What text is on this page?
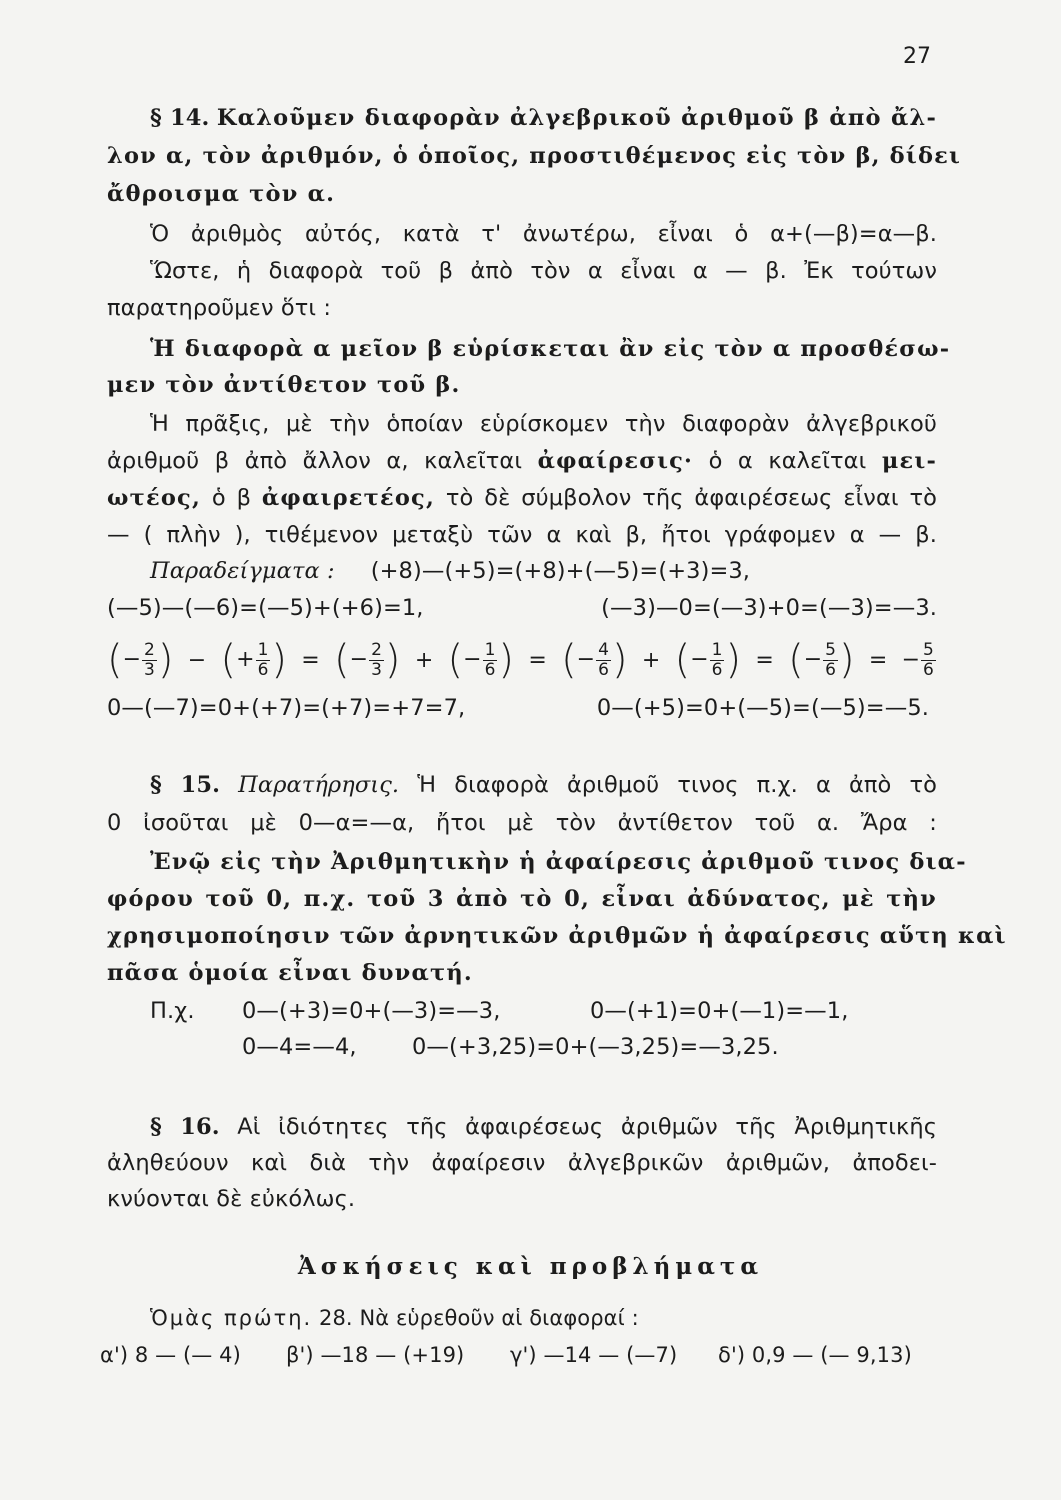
27
§ 14. Καλοῦμεν διαφορὰν ἀλγεβρικοῦ ἀριθμοῦ β ἀπὸ ἄλ-
λον α, τὸν ἀριθμόν, ὁ ὁποῖος, προστιθέμενος εἰς τὸν β, δίδει
ἄθροισμα τὸν α.
Ὁ ἀριθμὸς αὐτός, κατὰ τ' ἀνωτέρω, εἶναι ὁ α+(—β)=α—β.
Ὥστε, ἡ διαφορὰ τοῦ β ἀπὸ τὸν α εἶναι α — β. Ἐκ τούτων
παρατηροῦμεν ὅτι :
Ἡ διαφορὰ α μεῖον β εὑρίσκεται ἂν εἰς τὸν α προσθέσω-
μεν τὸν ἀντίθετον τοῦ β.
Ἡ πρᾶξις, μὲ τὴν ὁποίαν εὑρίσκομεν τὴν διαφορὰν ἀλγεβρικοῦ
ἀριθμοῦ β ἀπὸ ἄλλον α, καλεῖται ἀφαίρεσις· ὁ α καλεῖται μει-
ωτέος, ὁ β ἀφαιρετέος, τὸ δὲ σύμβολον τῆς ἀφαιρέσεως εἶναι τὸ
— ( πλὴν ), τιθέμενον μεταξὺ τῶν α καὶ β, ἤτοι γράφομεν α — β.
Παραδείγματα : (+8)—(+5)=(+8)+(—5)=(+3)=3,
(—5)—(—6)=(—5)+(+6)=1,	(—3)—0=(—3)+0=(—3)=—3.
(− $\frac{2}{3}$ ) − (+ $\frac{1}{6}$ ) = (− $\frac{2}{3}$ ) + (− $\frac{1}{6}$ ) = (− $\frac{4}{6}$ ) + (− $\frac{1}{6}$ ) = (− $\frac{5}{6}$ ) = − $\frac{5}{6}$
0—(—7)=0+(+7)=(+7)=+7=7,	0—(+5)=0+(—5)=(—5)=—5.
§ 15. Παρατήρησις. Ἡ διαφορὰ ἀριθμοῦ τινος π.χ. α ἀπὸ τὸ
0 ἰσοῦται μὲ 0—α=—α, ἤτοι μὲ τὸν ἀντίθετον τοῦ α. Ἄρα :
Ἐνῷ εἰς τὴν Ἀριθμητικὴν ἡ ἀφαίρεσις ἀριθμοῦ τινος δια-
φόρου τοῦ 0, π.χ. τοῦ 3 ἀπὸ τὸ 0, εἶναι ἀδύνατος, μὲ τὴν
χρησιμοποίησιν τῶν ἀρνητικῶν ἀριθμῶν ἡ ἀφαίρεσις αὕτη καὶ
πᾶσα ὁμοία εἶναι δυνατή.
Π.χ. 0—(+3)=0+(—3)=—3,	0—(+1)=0+(—1)=—1,
0—4=—4, 0—(+3,25)=0+(—3,25)=—3,25.
§ 16. Αἱ ἰδιότητες τῆς ἀφαιρέσεως ἀριθμῶν τῆς Ἀριθμητικῆς
ἀληθεύουν καὶ διὰ τὴν ἀφαίρεσιν ἀλγεβρικῶν ἀριθμῶν, ἀποδει-
κνύονται δὲ εὐκόλως.
Ἀσκήσεις καὶ προβλήματα
Ὁμὰς πρώτη. 28. Νὰ εὑρεθοῦν αἱ διαφοραί :
α') 8 — (— 4) β') —18 — (+19) γ') —14 — (—7) δ') 0,9 — (— 9,13)
